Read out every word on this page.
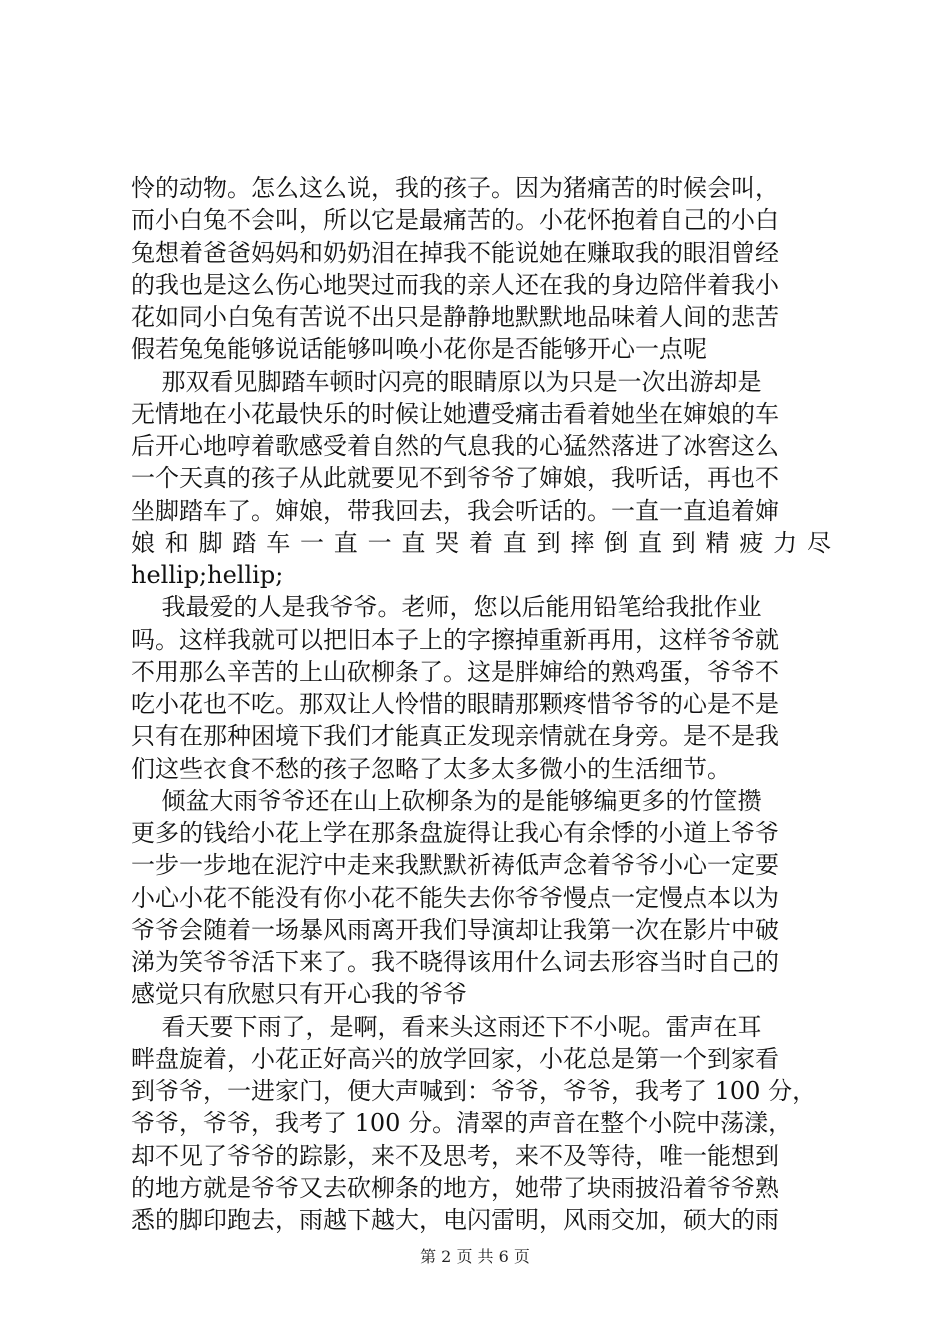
怜的动物。怎么这么说，我的孩子。因为猪痛苦的时候会叫，
而小白兔不会叫，所以它是最痛苦的。小花怀抱着自己的小白
兔想着爸爸妈妈和奶奶泪在掉我不能说她在赚取我的眼泪曾经
的我也是这么伤心地哭过而我的亲人还在我的身边陪伴着我小
花如同小白兔有苦说不出只是静静地默默地品味着人间的悲苦
假若兔兔能够说话能够叫唤小花你是否能够开心一点呢
那双看见脚踏车顿时闪亮的眼睛原以为只是一次出游却是
无情地在小花最快乐的时候让她遭受痛击看着她坐在婶娘的车
后开心地哼着歌感受着自然的气息我的心猛然落进了冰窖这么
一个天真的孩子从此就要见不到爷爷了婶娘，我听话，再也不
坐脚踏车了。婶娘，带我回去，我会听话的。一直一直追着婶
娘 和 脚 踏 车 一 直 一 直 哭 着 直 到 摔 倒 直 到 精 疲 力 尽
hellip;hellip;
我最爱的人是我爷爷。老师，您以后能用铅笔给我批作业
吗。这样我就可以把旧本子上的字擦掉重新再用，这样爷爷就
不用那么辛苦的上山砍柳条了。这是胖婶给的熟鸡蛋，爷爷不
吃小花也不吃。那双让人怜惜的眼睛那颗疼惜爷爷的心是不是
只有在那种困境下我们才能真正发现亲情就在身旁。是不是我
们这些衣食不愁的孩子忽略了太多太多微小的生活细节。
倾盆大雨爷爷还在山上砍柳条为的是能够编更多的竹筐攒
更多的钱给小花上学在那条盘旋得让我心有余悸的小道上爷爷
一步一步地在泥泞中走来我默默祈祷低声念着爷爷小心一定要
小心小花不能没有你小花不能失去你爷爷慢点一定慢点本以为
爷爷会随着一场暴风雨离开我们导演却让我第一次在影片中破
涕为笑爷爷活下来了。我不晓得该用什么词去形容当时自己的
感觉只有欣慰只有开心我的爷爷
看天要下雨了，是啊，看来头这雨还下不小呢。雷声在耳
畔盘旋着，小花正好高兴的放学回家，小花总是第一个到家看
到爷爷，一进家门，便大声喊到：爷爷，爷爷，我考了 100 分，
爷爷，爷爷，我考了 100 分。清翠的声音在整个小院中荡漾，
却不见了爷爷的踪影，来不及思考，来不及等待，唯一能想到
的地方就是爷爷又去砍柳条的地方，她带了块雨披沿着爷爷熟
悉的脚印跑去，雨越下越大，电闪雷明，风雨交加，硕大的雨
第 2 页 共 6 页
